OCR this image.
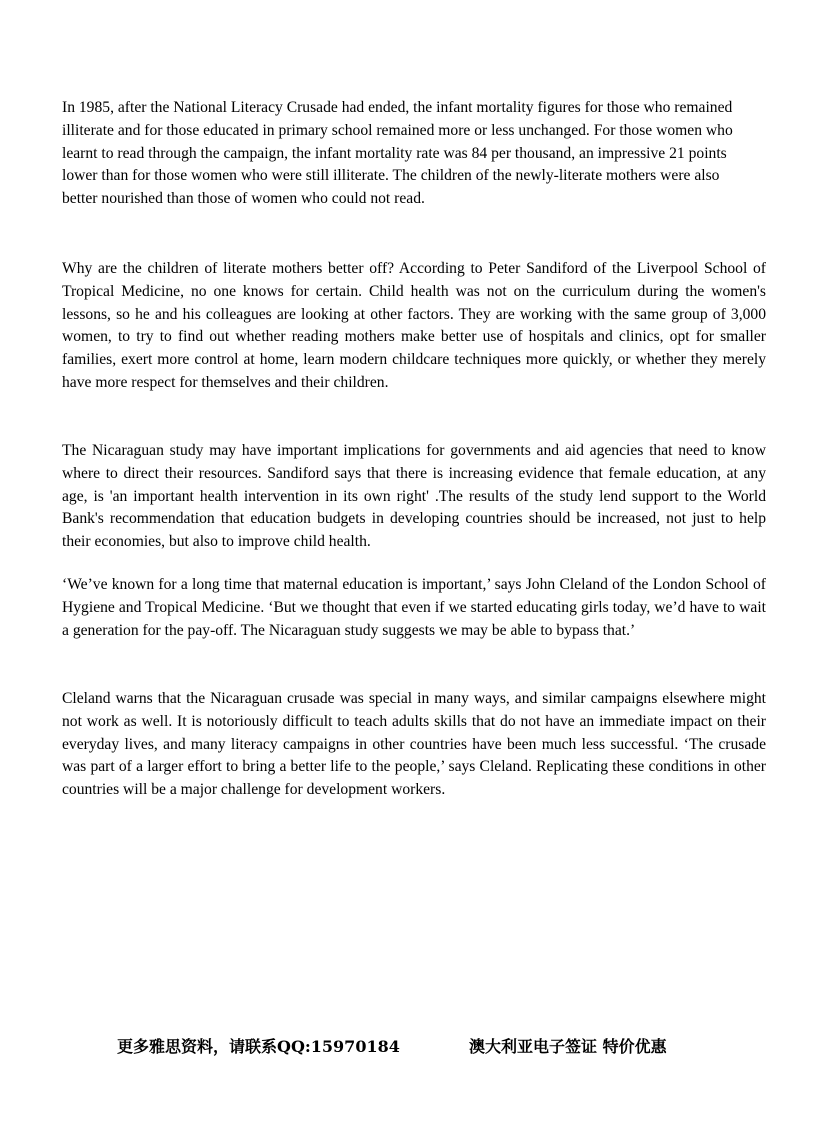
In 1985, after the National Literacy Crusade had ended, the infant mortality figures for those who remained illiterate and for those educated in primary school remained more or less unchanged. For those women who learnt to read through the campaign, the infant mortality rate was 84 per thousand, an impressive 21 points lower than for those women who were still illiterate. The children of the newly-literate mothers were also better nourished than those of women who could not read.

Why are the children of literate mothers better off? According to Peter Sandiford of the Liverpool School of Tropical Medicine, no one knows for certain. Child health was not on the curriculum during the women's lessons, so he and his colleagues are looking at other factors. They are working with the same group of 3,000 women, to try to find out whether reading mothers make better use of hospitals and clinics, opt for smaller families, exert more control at home, learn modern childcare techniques more quickly, or whether they merely have more respect for themselves and their children.

The Nicaraguan study may have important implications for governments and aid agencies that need to know where to direct their resources. Sandiford says that there is increasing evidence that female education, at any age, is 'an important health intervention in its own right' .The results of the study lend support to the World Bank's recommendation that education budgets in developing countries should be increased, not just to help their economies, but also to improve child health.

‘We’ve known for a long time that maternal education is important,’ says John Cleland of the London School of Hygiene and Tropical Medicine. ‘But we thought that even if we started educating girls today, we’d have to wait a generation for the pay-off. The Nicaraguan study suggests we may be able to bypass that.’

Cleland warns that the Nicaraguan crusade was special in many ways, and similar campaigns elsewhere might not work as well. It is notoriously difficult to teach adults skills that do not have an immediate impact on their everyday lives, and many literacy campaigns in other countries have been much less successful. ‘The crusade was part of a larger effort to bring a better life to the people,’ says Cleland. Replicating these conditions in other countries will be a major challenge for development workers.

更多雅思资料，请联系QQ:15970184	澳大利亚电子签证 特价优惠
